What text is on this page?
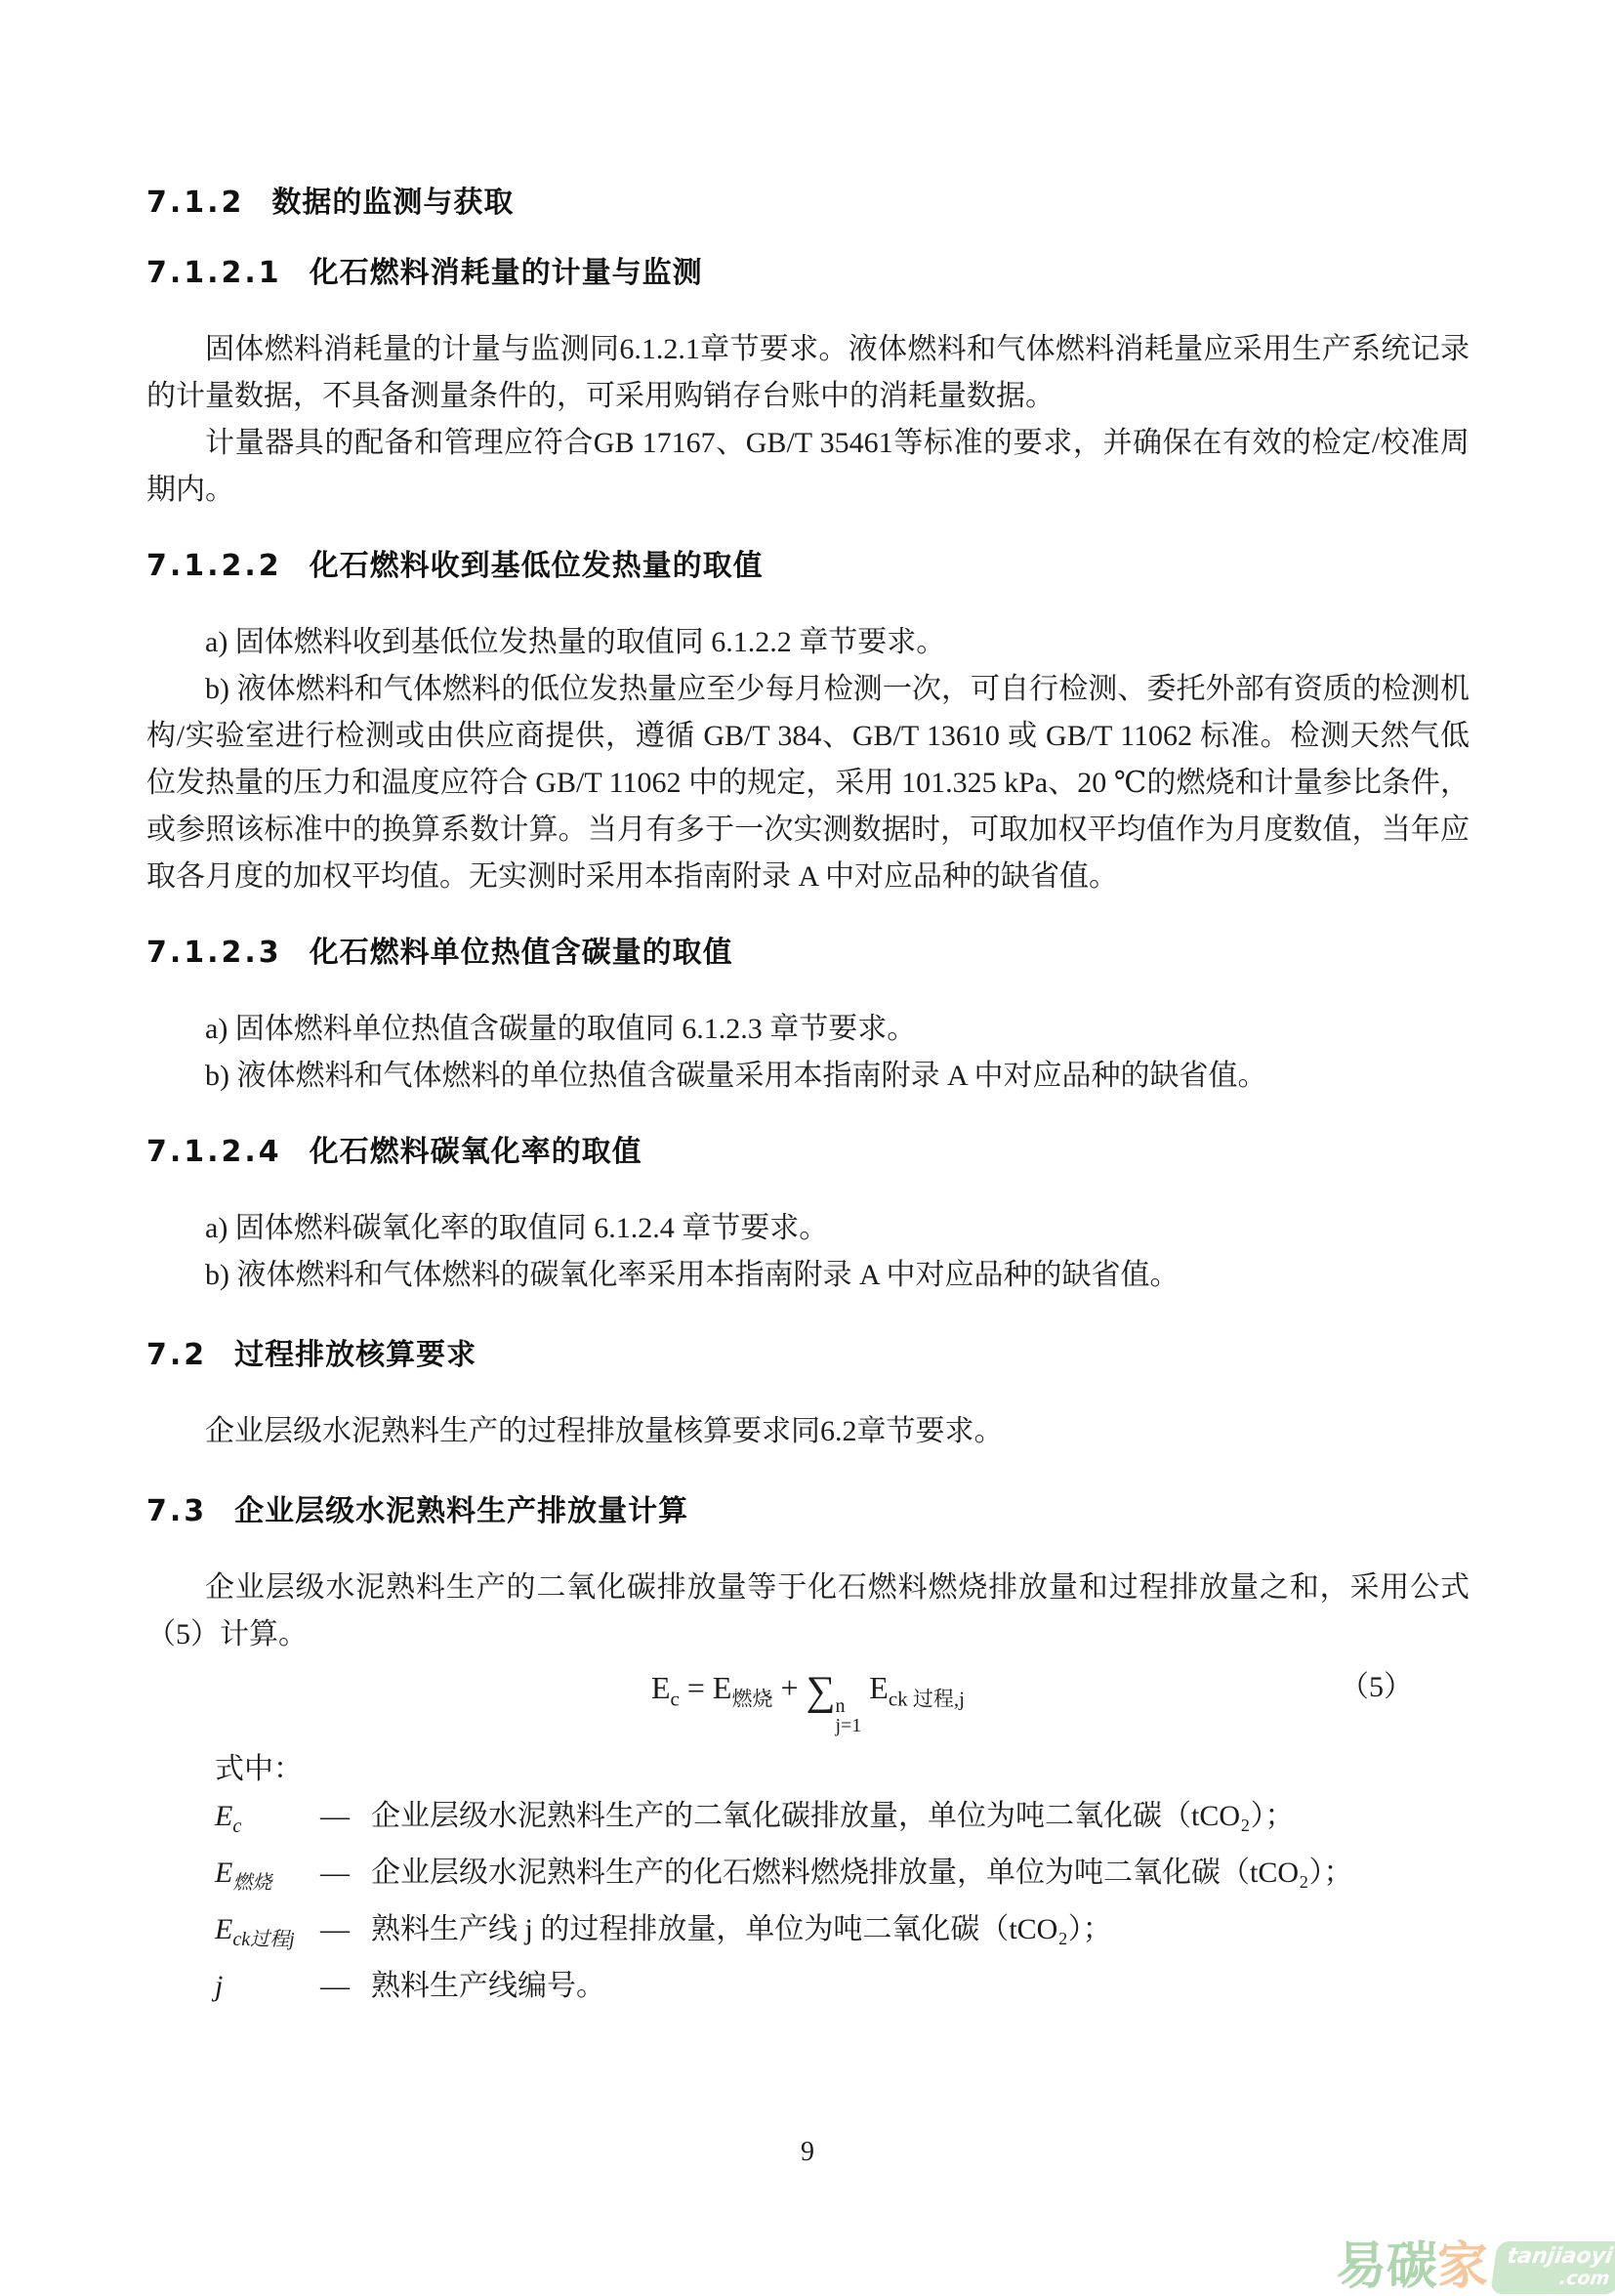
7.1.2 数据的监测与获取
7.1.2.1 化石燃料消耗量的计量与监测

固体燃料消耗量的计量与监测同6.1.2.1章节要求。液体燃料和气体燃料消耗量应采用生产系统记录的计量数据，不具备测量条件的，可采用购销存台账中的消耗量数据。

计量器具的配备和管理应符合GB 17167、GB/T 35461等标准的要求，并确保在有效的检定/校准周期内。

7.1.2.2 化石燃料收到基低位发热量的取值

a) 固体燃料收到基低位发热量的取值同 6.1.2.2 章节要求。

b) 液体燃料和气体燃料的低位发热量应至少每月检测一次，可自行检测、委托外部有资质的检测机构/实验室进行检测或由供应商提供，遵循 GB/T 384、GB/T 13610 或 GB/T 11062 标准。检测天然气低位发热量的压力和温度应符合 GB/T 11062 中的规定，采用 101.325 kPa、20 ℃的燃烧和计量参比条件，或参照该标准中的换算系数计算。当月有多于一次实测数据时，可取加权平均值作为月度数值，当年应取各月度的加权平均值。无实测时采用本指南附录 A 中对应品种的缺省值。

7.1.2.3 化石燃料单位热值含碳量的取值

a) 固体燃料单位热值含碳量的取值同 6.1.2.3 章节要求。

b) 液体燃料和气体燃料的单位热值含碳量采用本指南附录 A 中对应品种的缺省值。

7.1.2.4 化石燃料碳氧化率的取值

a) 固体燃料碳氧化率的取值同 6.1.2.4 章节要求。

b) 液体燃料和气体燃料的碳氧化率采用本指南附录 A 中对应品种的缺省值。

7.2 过程排放核算要求

企业层级水泥熟料生产的过程排放量核算要求同6.2章节要求。

7.3 企业层级水泥熟料生产排放量计算

企业层级水泥熟料生产的二氧化碳排放量等于化石燃料燃烧排放量和过程排放量之和，采用公式（5）计算。

$E_c = E_{燃烧}$ + ∑ n
j=1
$E_{ck 过程,j}$	（5）
式中：
$E_c$	— 企业层级水泥熟料生产的二氧化碳排放量，单位为吨二氧化碳（tCO₂）；
$E_{燃烧}$	— 企业层级水泥熟料生产的化石燃料燃烧排放量，单位为吨二氧化碳（tCO₂）；
$E_{ck过程j}$ — 熟料生产线 j 的过程排放量，单位为吨二氧化碳（tCO₂）；
j	— 熟料生产线编号。
9
易 碳 家 tanjiaoyi
.com
